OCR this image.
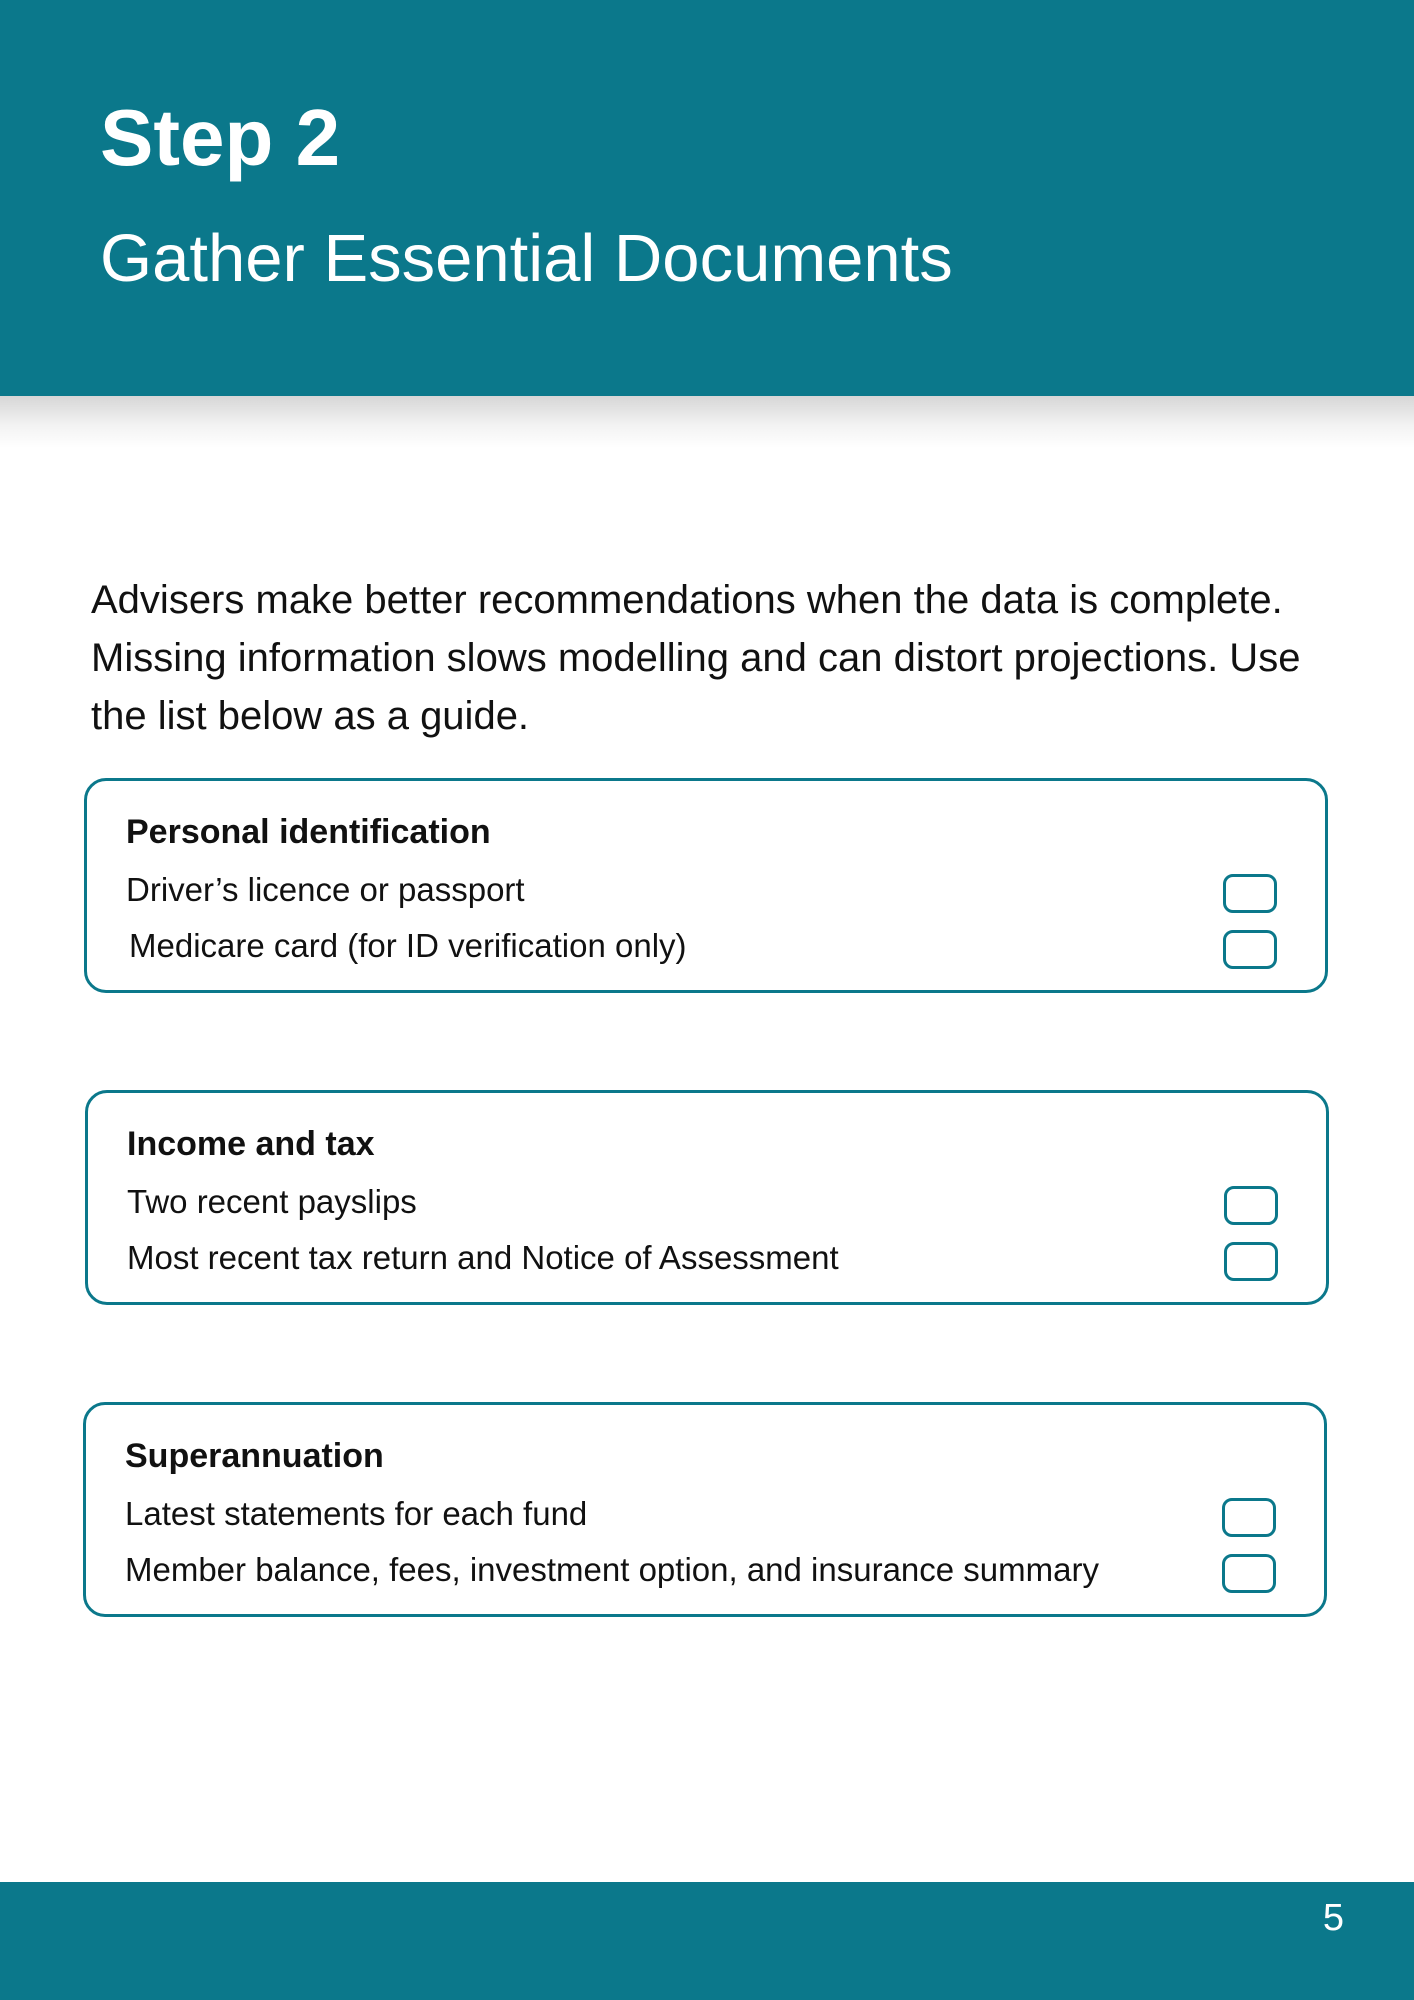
Step 2
Gather Essential Documents

Advisers make better recommendations when the data is complete. Missing information slows modelling and can distort projections. Use the list below as a guide.

Personal identification
Driver’s licence or passport
Medicare card (for ID verification only)
Income and tax
Two recent payslips
Most recent tax return and Notice of Assessment
Superannuation
Latest statements for each fund
Member balance, fees, investment option, and insurance summary
5
